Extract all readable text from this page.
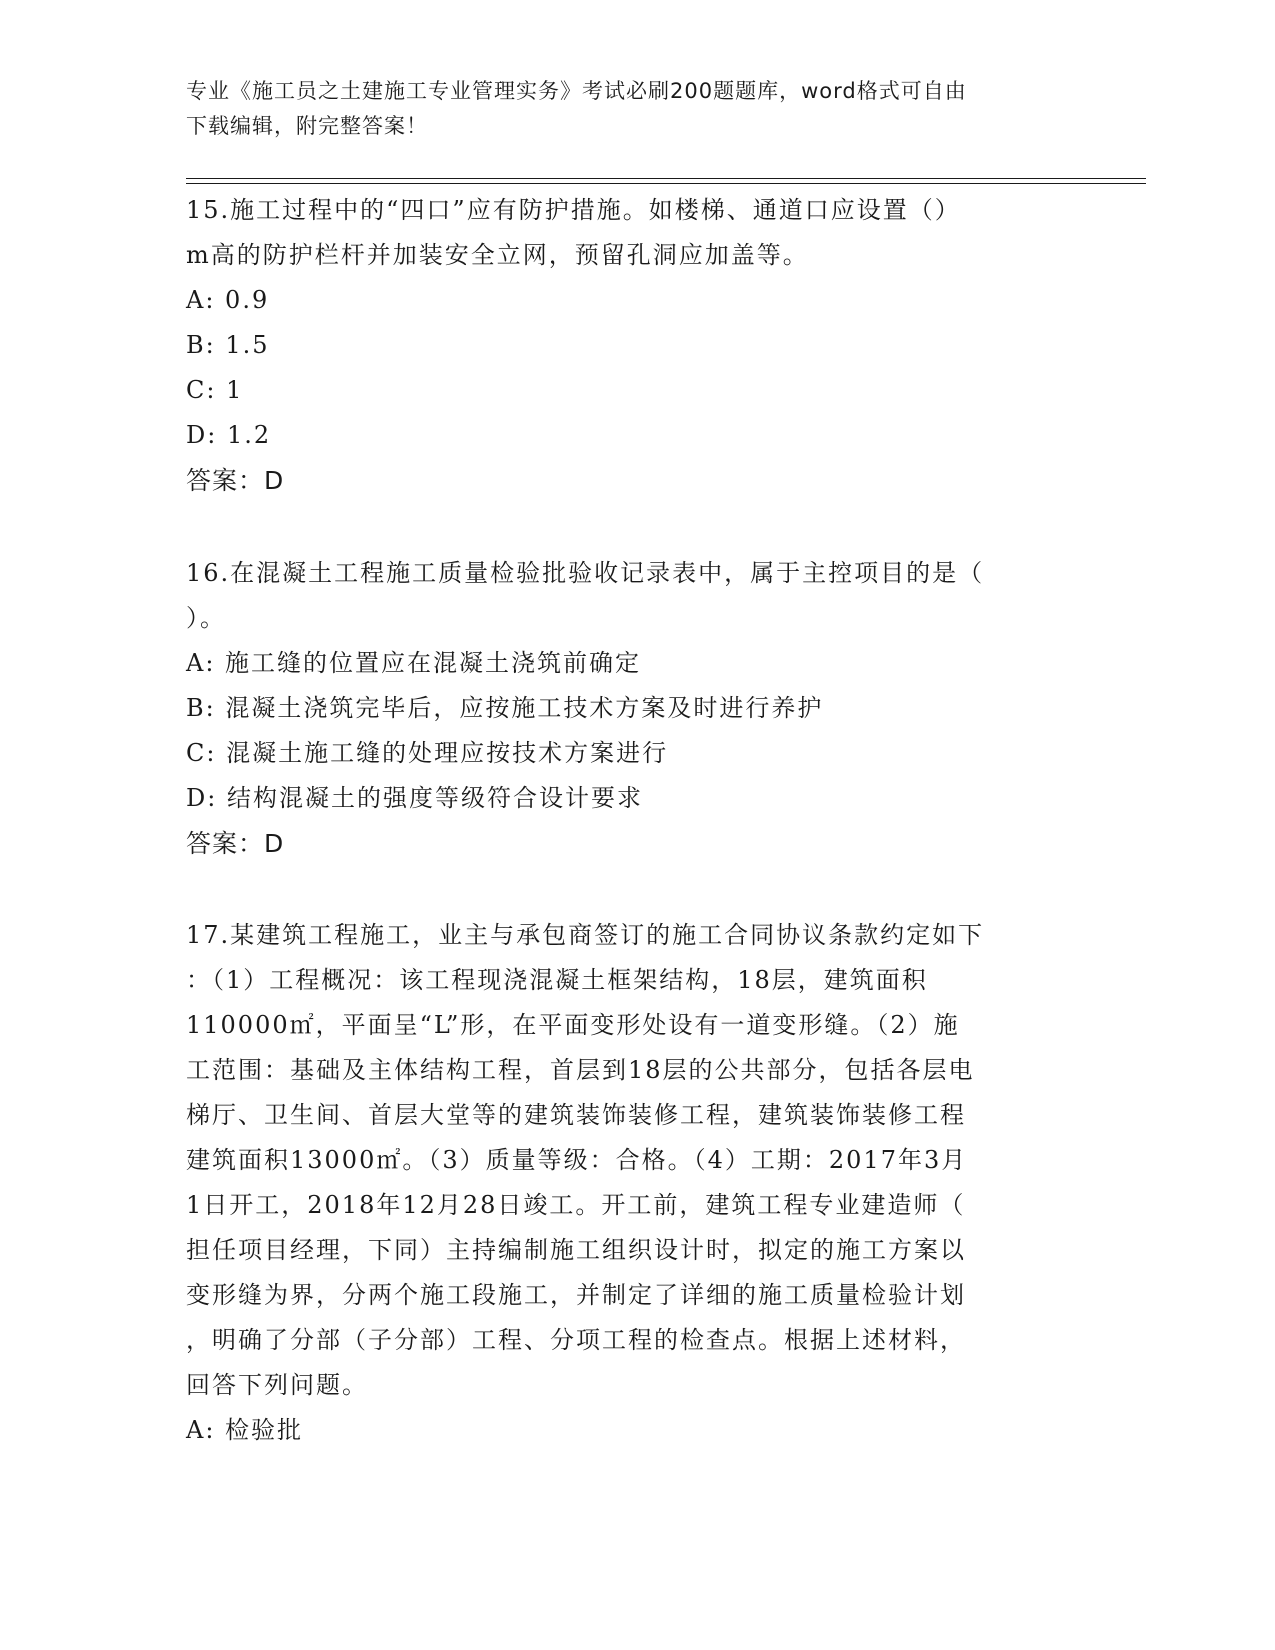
专业《施工员之土建施工专业管理实务》考试必刷200题题库，word格式可自由
下载编辑，附完整答案！
15.施工过程中的“四口”应有防护措施。如楼梯、通道口应设置（）
m高的防护栏杆并加装安全立网，预留孔洞应加盖等。
A: 0.9
B: 1.5
C: 1
D: 1.2
答案：D
16.在混凝土工程施工质量检验批验收记录表中，属于主控项目的是（
）。
A: 施工缝的位置应在混凝土浇筑前确定
B: 混凝土浇筑完毕后，应按施工技术方案及时进行养护
C: 混凝土施工缝的处理应按技术方案进行
D: 结构混凝土的强度等级符合设计要求
答案：D
17.某建筑工程施工，业主与承包商签订的施工合同协议条款约定如下
：（1）工程概况：该工程现浇混凝土框架结构，18层，建筑面积
110000㎡，平面呈“L”形，在平面变形处设有一道变形缝。（2）施
工范围：基础及主体结构工程，首层到18层的公共部分，包括各层电
梯厅、卫生间、首层大堂等的建筑装饰装修工程，建筑装饰装修工程
建筑面积13000㎡。（3）质量等级：合格。（4）工期：2017年3月
1日开工，2018年12月28日竣工。开工前，建筑工程专业建造师（
担任项目经理，下同）主持编制施工组织设计时，拟定的施工方案以
变形缝为界，分两个施工段施工，并制定了详细的施工质量检验计划
，明确了分部（子分部）工程、分项工程的检查点。根据上述材料，
回答下列问题。
A: 检验批
